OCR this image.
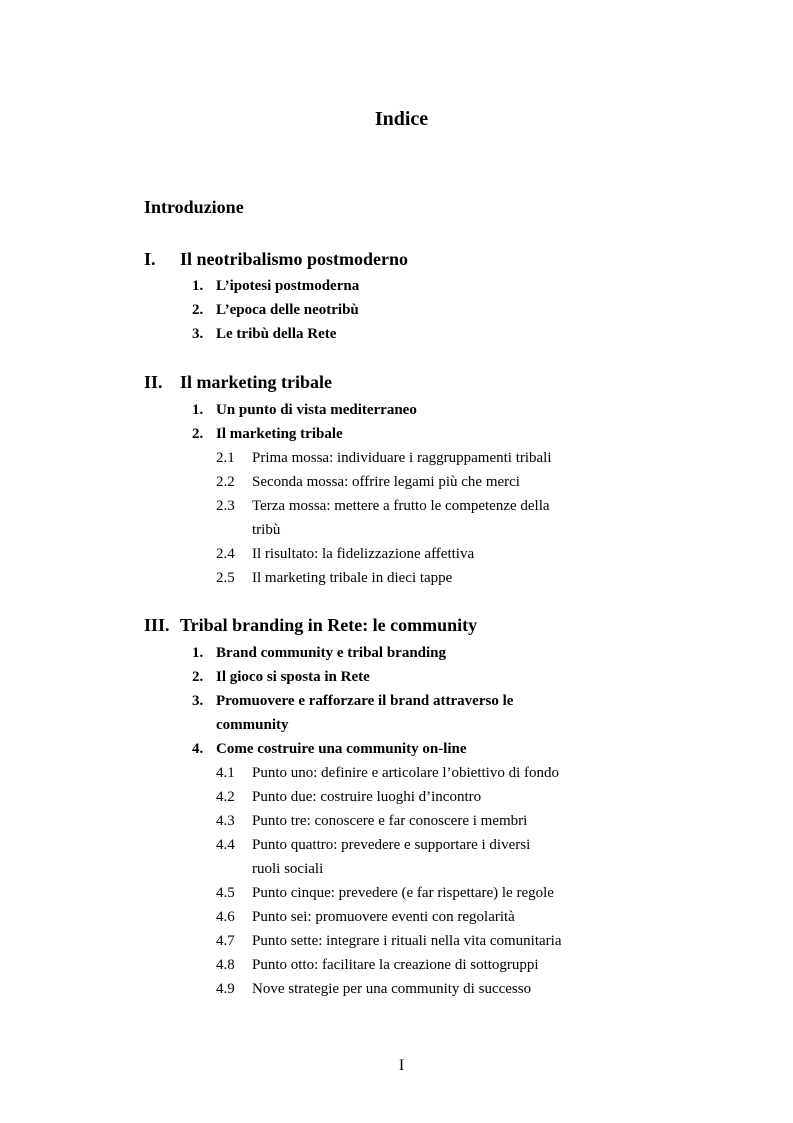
Indice
Introduzione
I. Il neotribalismo postmoderno
1. L’ipotesi postmoderna
2. L’epoca delle neotribù
3. Le tribù della Rete
II. Il marketing tribale
1. Un punto di vista mediterraneo
2. Il marketing tribale
2.1 Prima mossa: individuare i raggruppamenti tribali
2.2 Seconda mossa: offrire legami più che merci
2.3 Terza mossa: mettere a frutto le competenze della
tribù
2.4 Il risultato: la fidelizzazione affettiva
2.5 Il marketing tribale in dieci tappe
III. Tribal branding in Rete: le community
1. Brand community e tribal branding
2. Il gioco si sposta in Rete
3. Promuovere e rafforzare il brand attraverso le
community
4. Come costruire una community on-line
4.1 Punto uno: definire e articolare l’obiettivo di fondo
4.2 Punto due: costruire luoghi d’incontro
4.3 Punto tre: conoscere e far conoscere i membri
4.4 Punto quattro: prevedere e supportare i diversi
ruoli sociali
4.5 Punto cinque: prevedere (e far rispettare) le regole
4.6 Punto sei: promuovere eventi con regolarità
4.7 Punto sette: integrare i rituali nella vita comunitaria
4.8 Punto otto: facilitare la creazione di sottogruppi
4.9 Nove strategie per una community di successo
I
